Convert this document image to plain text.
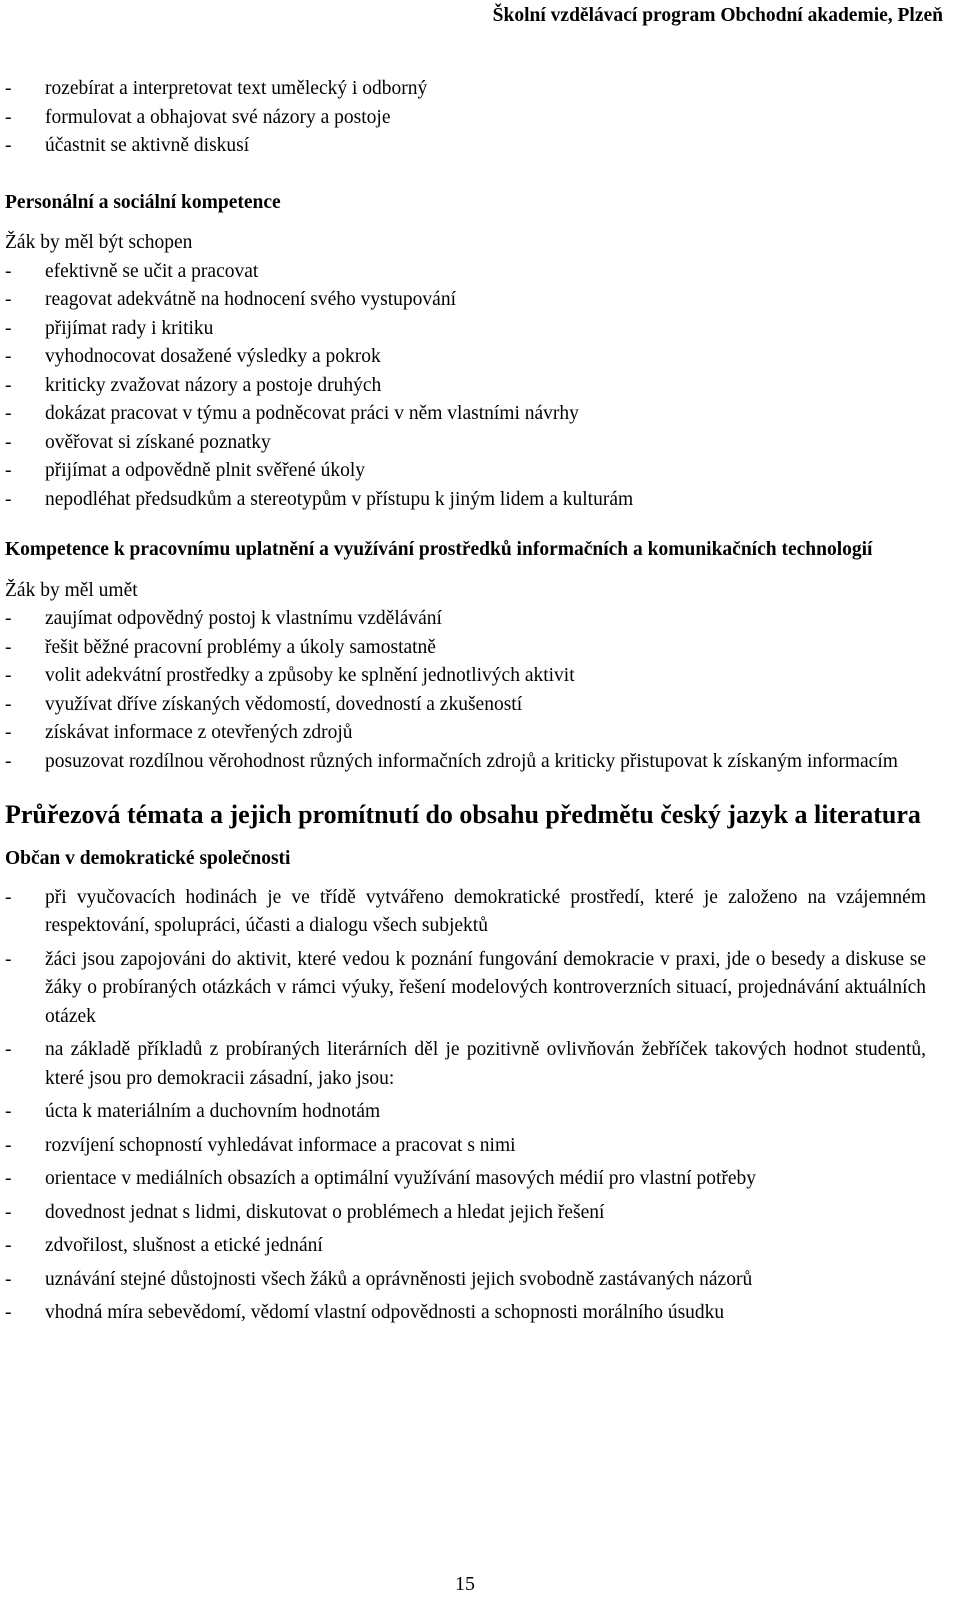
Školní vzdělávací program Obchodní akademie, Plzeň
- rozebírat a interpretovat text umělecký i odborný
- formulovat a obhajovat své názory a postoje
- účastnit se aktivně diskusí

Personální a sociální kompetence

Žák by měl být schopen

- efektivně se učit a pracovat
- reagovat adekvátně na hodnocení svého vystupování
- přijímat rady i kritiku
- vyhodnocovat dosažené výsledky a pokrok
- kriticky zvažovat názory a postoje druhých
- dokázat pracovat v týmu a podněcovat práci v něm vlastními návrhy
- ověřovat si získané poznatky
- přijímat a odpovědně plnit svěřené úkoly
- nepodléhat předsudkům a stereotypům v přístupu k jiným lidem a kulturám

Kompetence k pracovnímu uplatnění a využívání prostředků informačních a komunikačních technologií

Žák by měl umět

- zaujímat odpovědný postoj k vlastnímu vzdělávání
- řešit běžné pracovní problémy a úkoly samostatně
- volit adekvátní prostředky a způsoby ke splnění jednotlivých aktivit
- využívat dříve získaných vědomostí, dovedností a zkušeností
- získávat informace z otevřených zdrojů
- posuzovat rozdílnou věrohodnost různých informačních zdrojů a kriticky přistupovat k získaným informacím

Průřezová témata a jejich promítnutí do obsahu předmětu český jazyk a literatura

Občan v demokratické společnosti

- při vyučovacích hodinách je ve třídě vytvářeno demokratické prostředí, které je založeno na vzájemném respektování, spolupráci, účasti a dialogu všech subjektů
- žáci jsou zapojováni do aktivit, které vedou k poznání fungování demokracie v praxi, jde o besedy a diskuse se žáky o probíraných otázkách v rámci výuky, řešení modelových kontroverzních situací, projednávání aktuálních otázek
- na základě příkladů z probíraných literárních děl je pozitivně ovlivňován žebříček takových hodnot studentů, které jsou pro demokracii zásadní, jako jsou:
- úcta k materiálním a duchovním hodnotám
- rozvíjení schopností vyhledávat informace a pracovat s nimi
- orientace v mediálních obsazích a optimální využívání masových médií pro vlastní potřeby
- dovednost jednat s lidmi, diskutovat o problémech a hledat jejich řešení
- zdvořilost, slušnost a etické jednání
- uznávání stejné důstojnosti všech žáků a oprávněnosti jejich svobodně zastávaných názorů
- vhodná míra sebevědomí, vědomí vlastní odpovědnosti a schopnosti morálního úsudku
15
